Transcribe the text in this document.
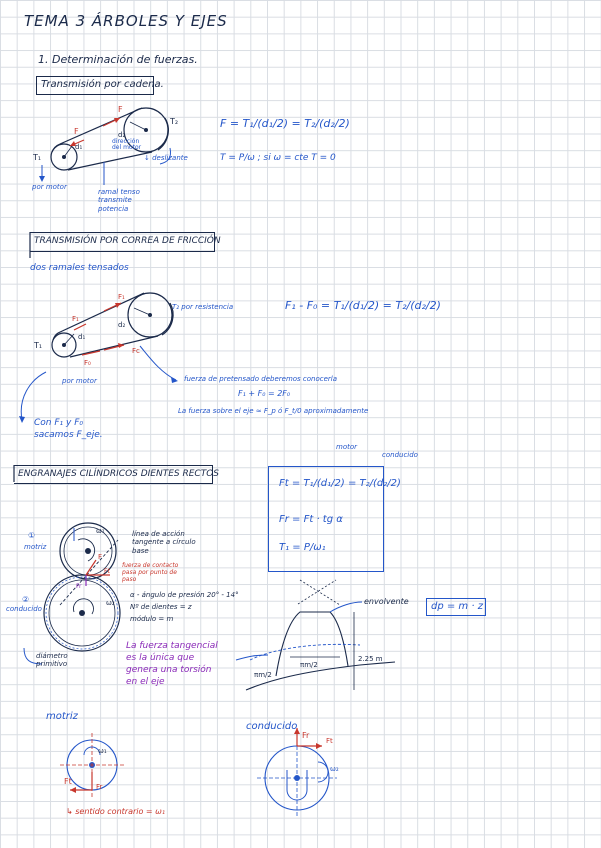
TEMA 3 ÁRBOLES Y EJES
1. Determinación de fuerzas.
Transmisión por cadena.
F
F
d₁
d₂
T₁
T₂
dirección del motor
por motor
ramal tenso transmite potencia
↓ deslizante
F = T₁/(d₁/2) = T₂/(d₂/2)
T = P/ω ; si ω = cte T = 0
TRANSMISIÓN POR CORREA DE FRICCIÓN
dos ramales tensados
F₁
F₁
Fc
F₀
d₁
d₂
T₁
T₂ por resistencia	F₁ - F₀ = T₁/(d₁/2) = T₂/(d₂/2)
por motor	fuerza de pretensado deberemos conocerla
F₁ + F₀ = 2F₀
La fuerza sobre el eje ≈ F_p ó F_t/0 aproximadamente
Con F₁ y F₀ sacamos F_eje.
ENGRANAJES CILÍNDRICOS DIENTES RECTOS
①
motriz
②
conducido
diámetro primitivo
línea de acción tangente a círculo base
fuerza de contacto pasa por punto de paso
ω₁
ω₂
F
Ft
Fr
α - ángulo de presión 20° - 14°
Nº de dientes = z
módulo = m
La fuerza tangencial es la única que genera una torsión en el eje
motor
conducido
Ft = T₁/(d₁/2) = T₂/(d₂/2)
Fr = Ft · tg α
T₁ = P/ω₁
envolvente
πm/2
πm/2
2.25 m
dp = m · z
motriz
ω₁
Ft
Fr
↳ sentido contrario = ω₁
conducido
Fr
Ft
ω₂
